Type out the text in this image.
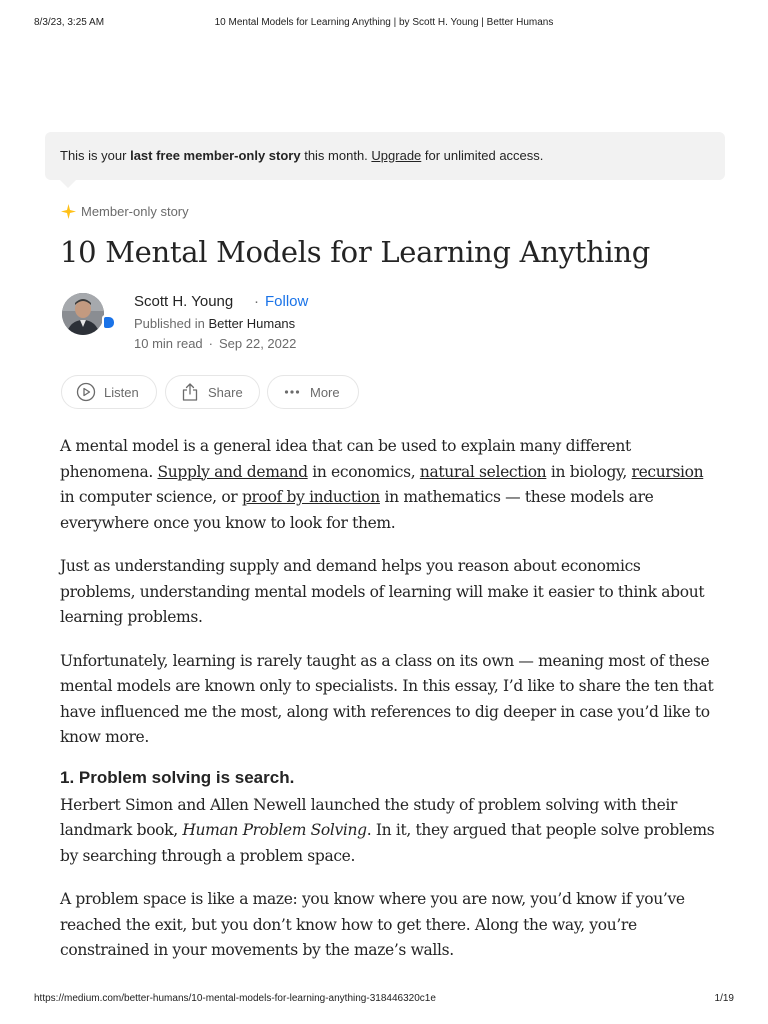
8/3/23, 3:25 AM	10 Mental Models for Learning Anything | by Scott H. Young | Better Humans
This is your last free member-only story this month. Upgrade for unlimited access.
Member-only story
10 Mental Models for Learning Anything
Scott H. Young · Follow
Published in Better Humans
10 min read · Sep 22, 2022
Listen	Share	More

A mental model is a general idea that can be used to explain many different phenomena. Supply and demand in economics, natural selection in biology, recursion in computer science, or proof by induction in mathematics — these models are everywhere once you know to look for them.

Just as understanding supply and demand helps you reason about economics problems, understanding mental models of learning will make it easier to think about learning problems.

Unfortunately, learning is rarely taught as a class on its own — meaning most of these mental models are known only to specialists. In this essay, I’d like to share the ten that have influenced me the most, along with references to dig deeper in case you’d like to know more.

1. Problem solving is search.

Herbert Simon and Allen Newell launched the study of problem solving with their landmark book, Human Problem Solving. In it, they argued that people solve problems by searching through a problem space.

A problem space is like a maze: you know where you are now, you’d know if you’ve reached the exit, but you don’t know how to get there. Along the way, you’re constrained in your movements by the maze’s walls.

https://medium.com/better-humans/10-mental-models-for-learning-anything-318446320c1e	1/19
